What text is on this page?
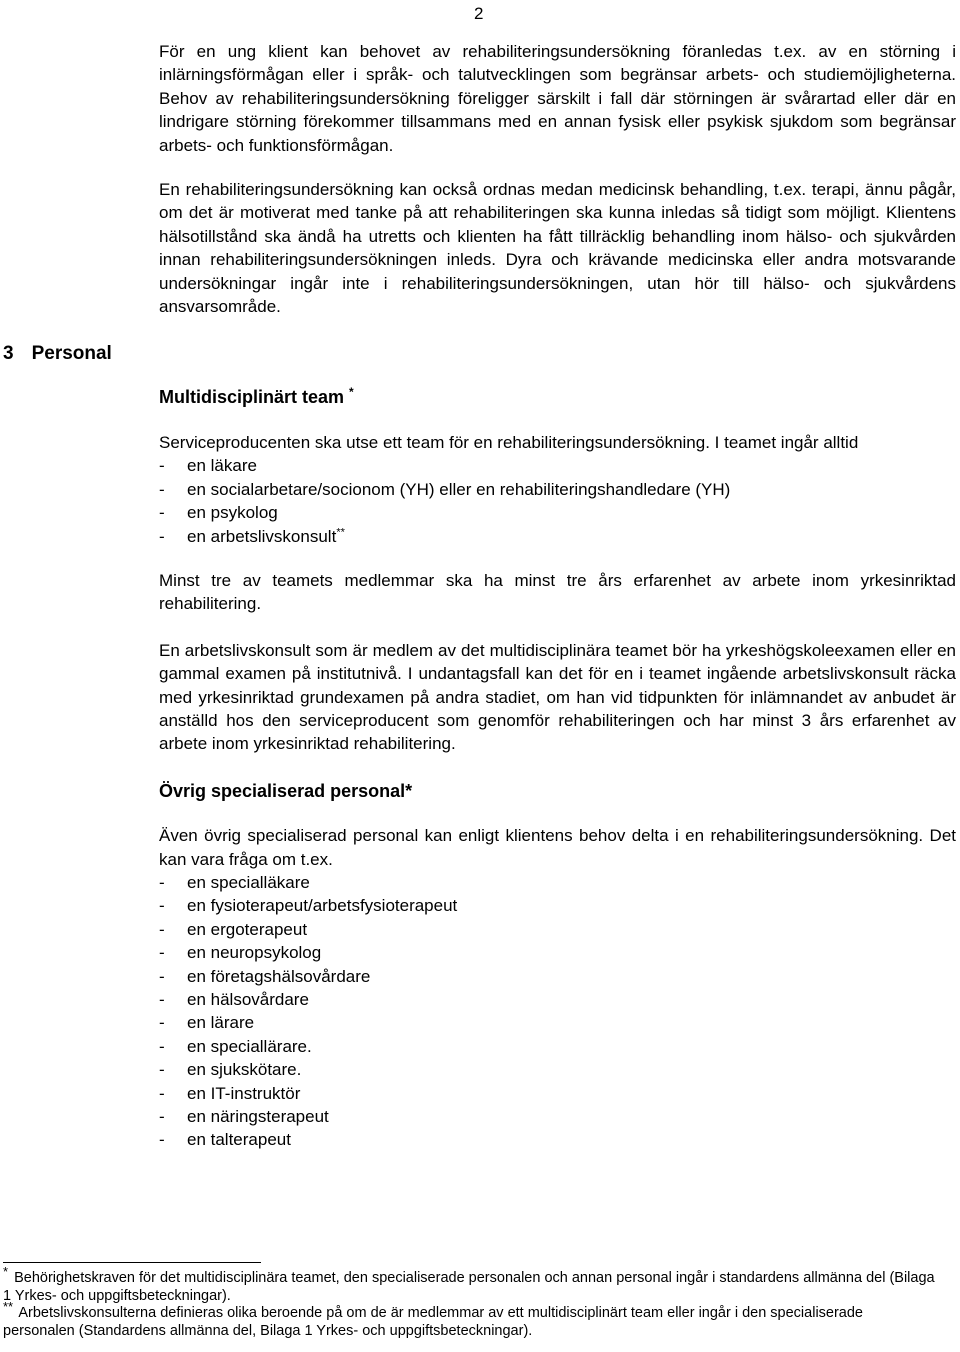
2
3 Personal

För en ung klient kan behovet av rehabiliteringsundersökning föranledas t.ex. av en störning i inlärningsförmågan eller i språk- och talutvecklingen som begränsar arbets- och studiemöjligheterna. Behov av rehabiliteringsundersökning föreligger särskilt i fall där störningen är svårartad eller där en lindrigare störning förekommer tillsammans med en annan fysisk eller psykisk sjukdom som begränsar arbets- och funktionsförmågan.

En rehabiliteringsundersökning kan också ordnas medan medicinsk behandling, t.ex. terapi, ännu pågår, om det är motiverat med tanke på att rehabiliteringen ska kunna inledas så tidigt som möjligt. Klientens hälsotillstånd ska ändå ha utretts och klienten ha fått tillräcklig behandling inom hälso- och sjukvården innan rehabiliteringsundersökningen inleds. Dyra och krävande medicinska eller andra motsvarande undersökningar ingår inte i rehabiliteringsundersökningen, utan hör till hälso- och sjukvårdens ansvarsområde.

Multidisciplinärt team *

Serviceproducenten ska utse ett team för en rehabiliteringsundersökning. I teamet ingår alltid

- en läkare
- en socialarbetare/socionom (YH) eller en rehabiliteringshandledare (YH)
- en psykolog
- en arbetslivskonsult**

Minst tre av teamets medlemmar ska ha minst tre års erfarenhet av arbete inom yrkesinriktad rehabilitering.

En arbetslivskonsult som är medlem av det multidisciplinära teamet bör ha yrkeshögskoleexamen eller en gammal examen på institutnivå. I undantagsfall kan det för en i teamet ingående arbetslivskonsult räcka med yrkesinriktad grundexamen på andra stadiet, om han vid tidpunkten för inlämnandet av anbudet är anställd hos den serviceproducent som genomför rehabiliteringen och har minst 3 års erfarenhet av arbete inom yrkesinriktad rehabilitering.

Övrig specialiserad personal*

Även övrig specialiserad personal kan enligt klientens behov delta i en rehabiliteringsundersökning. Det kan vara fråga om t.ex.

- en specialläkare
- en fysioterapeut/arbetsfysioterapeut
- en ergoterapeut
- en neuropsykolog
- en företagshälsovårdare
- en hälsovårdare
- en lärare
- en speciallärare.
- en sjukskötare.
- en IT-instruktör
- en näringsterapeut
- en talterapeut

* Behörighetskraven för det multidisciplinära teamet, den specialiserade personalen och annan personal ingår i standardens allmänna del (Bilaga 1 Yrkes- och uppgiftsbeteckningar).

** Arbetslivskonsulterna definieras olika beroende på om de är medlemmar av ett multidisciplinärt team eller ingår i den specialiserade personalen (Standardens allmänna del, Bilaga 1 Yrkes- och uppgiftsbeteckningar).
